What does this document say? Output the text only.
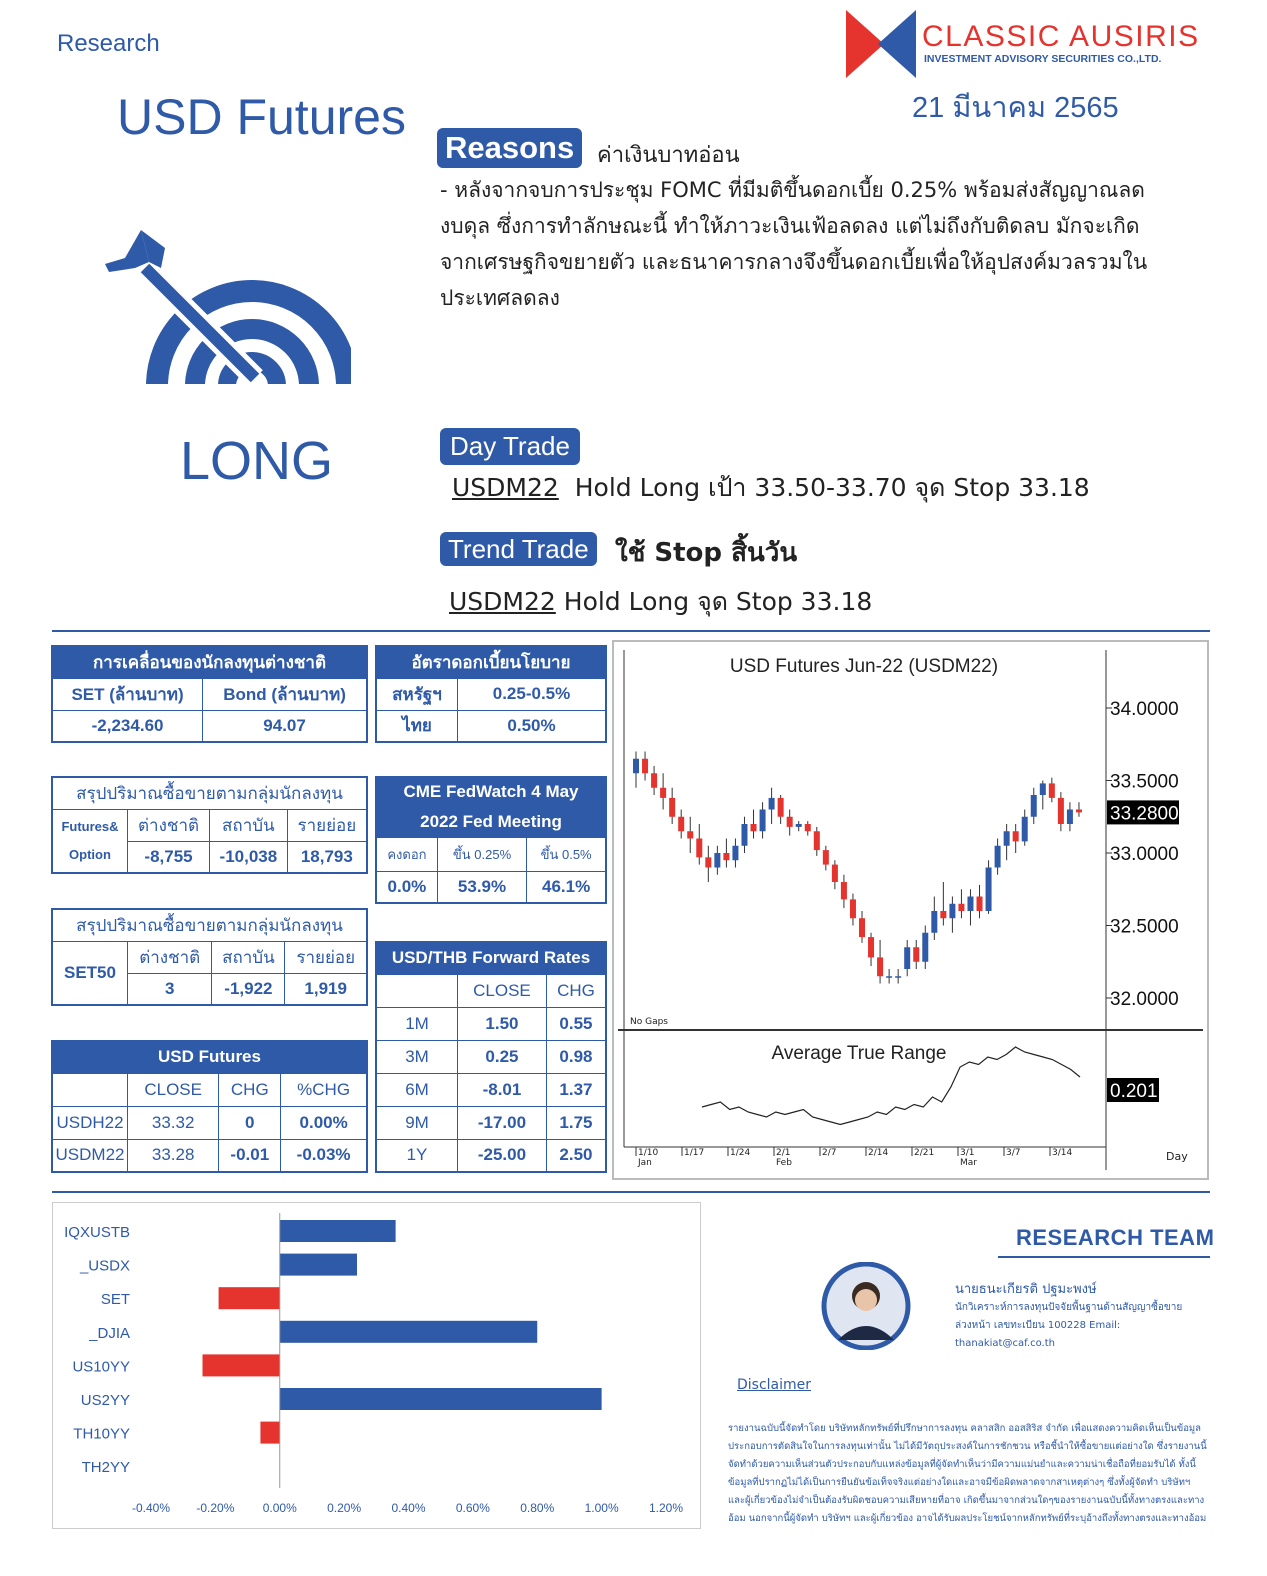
Research
USD Futures
CLASSIC AUSIRIS
INVESTMENT ADVISORY SECURITIES CO.,LTD.
21 มีนาคม 2565
LONG
Reasons	ค่าเงินบาทอ่อน
- หลังจากจบการประชุม FOMC ที่มีมติขึ้นดอกเบี้ย 0.25% พร้อมส่งสัญญาณลดงบดุล ซึ่งการทำลักษณะนี้ ทำให้ภาวะเงินเฟ้อลดลง แต่ไม่ถึงกับติดลบ มักจะเกิดจากเศรษฐกิจขยายตัว และธนาคารกลางจึงขึ้นดอกเบี้ยเพื่อให้อุปสงค์มวลรวมในประเทศลดลง
Day Trade
USDM22 Hold Long เป้า 33.50-33.70 จุด Stop 33.18
Trend Trade	ใช้ Stop สิ้นวัน
USDM22 Hold Long จุด Stop 33.18
การเคลื่อนของนักลงทุนต่างชาติ	
SET (ล้านบาท)	Bond (ล้านบาท)
-2,234.60	94.07
อัตราดอกเบี้ยนโยบาย	
สหรัฐฯ	0.25-0.5%
ไทย	0.50%
สรุปปริมาณซื้อขายตามกลุ่มนักลงทุน			

Futures&
Option	ต่างชาติ	สถาบัน	รายย่อย
	-8,755	-10,038	18,793
CME FedWatch 4 May		
2022 Fed Meeting		
คงดอก	ขึ้น 0.25%	ขึ้น 0.5%
0.0%	53.9%	46.1%
สรุปปริมาณซื้อขายตามกลุ่มนักลงทุน			
SET50	ต่างชาติ	สถาบัน	รายย่อย
	3	-1,922	1,919
USD/THB Forward Rates		
	CLOSE	CHG
1M	1.50	0.55
3M	0.25	0.98
6M	-8.01	1.37
9M	-17.00	1.75
1Y	-25.00	2.50
USD Futures			
	CLOSE	CHG	%CHG
USDH22	33.32	0	0.00%
USDM22	33.28	-0.01	-0.03%
USD Futures Jun-22 (USDM22)
No Gaps
34.0000
33.5000
33.0000
32.5000
32.0000
33.2800
Average True Range
0.201
1/10	1/17	1/24	2/1	2/7	2/14	2/21	3/1	3/7	3/14
Jan	Feb	Mar	Day
-0.40% -0.20% 0.00%	0.20%	0.40%	0.60%	0.80%	1.00%	1.20%
IQXUSTB
_USDX
SET
_DJIA
US10YY
US2YY
TH10YY
TH2YY
RESEARCH TEAM
นายธนะเกียรติ ปฐมะพงษ์
นักวิเคราะห์การลงทุนปัจจัยพื้นฐานด้านสัญญาซื้อขายล่วงหน้า เลขทะเบียน 100228 Email: thanakiat@caf.co.th
Disclaimer
รายงานฉบับนี้จัดทำโดย บริษัทหลักทรัพย์ที่ปรึกษาการลงทุน คลาสสิก ออสสิริส จำกัด เพื่อแสดงความคิดเห็นเป็นข้อมูลประกอบการตัดสินใจในการลงทุนเท่านั้น ไม่ได้มีวัตถุประสงค์ในการชักชวน หรือชี้นำให้ซื้อขายแต่อย่างใด ซึ่งรายงานนี้จัดทำด้วยความเห็นส่วนตัวประกอบกับแหล่งข้อมูลที่ผู้จัดทำเห็นว่ามีความแม่นยำและความน่าเชื่อถือที่ยอมรับได้ ทั้งนี้ข้อมูลที่ปรากฏไม่ได้เป็นการยืนยันข้อเท็จจริงแต่อย่างใดและอาจมีข้อผิดพลาดจากสาเหตุต่างๆ ซึ่งทั้งผู้จัดทำ บริษัทฯ และผู้เกี่ยวข้องไม่จำเป็นต้องรับผิดชอบความเสียหายที่อาจ เกิดขึ้นมาจากส่วนใดๆของรายงานฉบับนี้ทั้งทางตรงและทางอ้อม นอกจากนี้ผู้จัดทำ บริษัทฯ และผู้เกี่ยวข้อง อาจได้รับผลประโยชน์จากหลักทรัพย์ที่ระบุอ้างถึงทั้งทางตรงและทางอ้อม
